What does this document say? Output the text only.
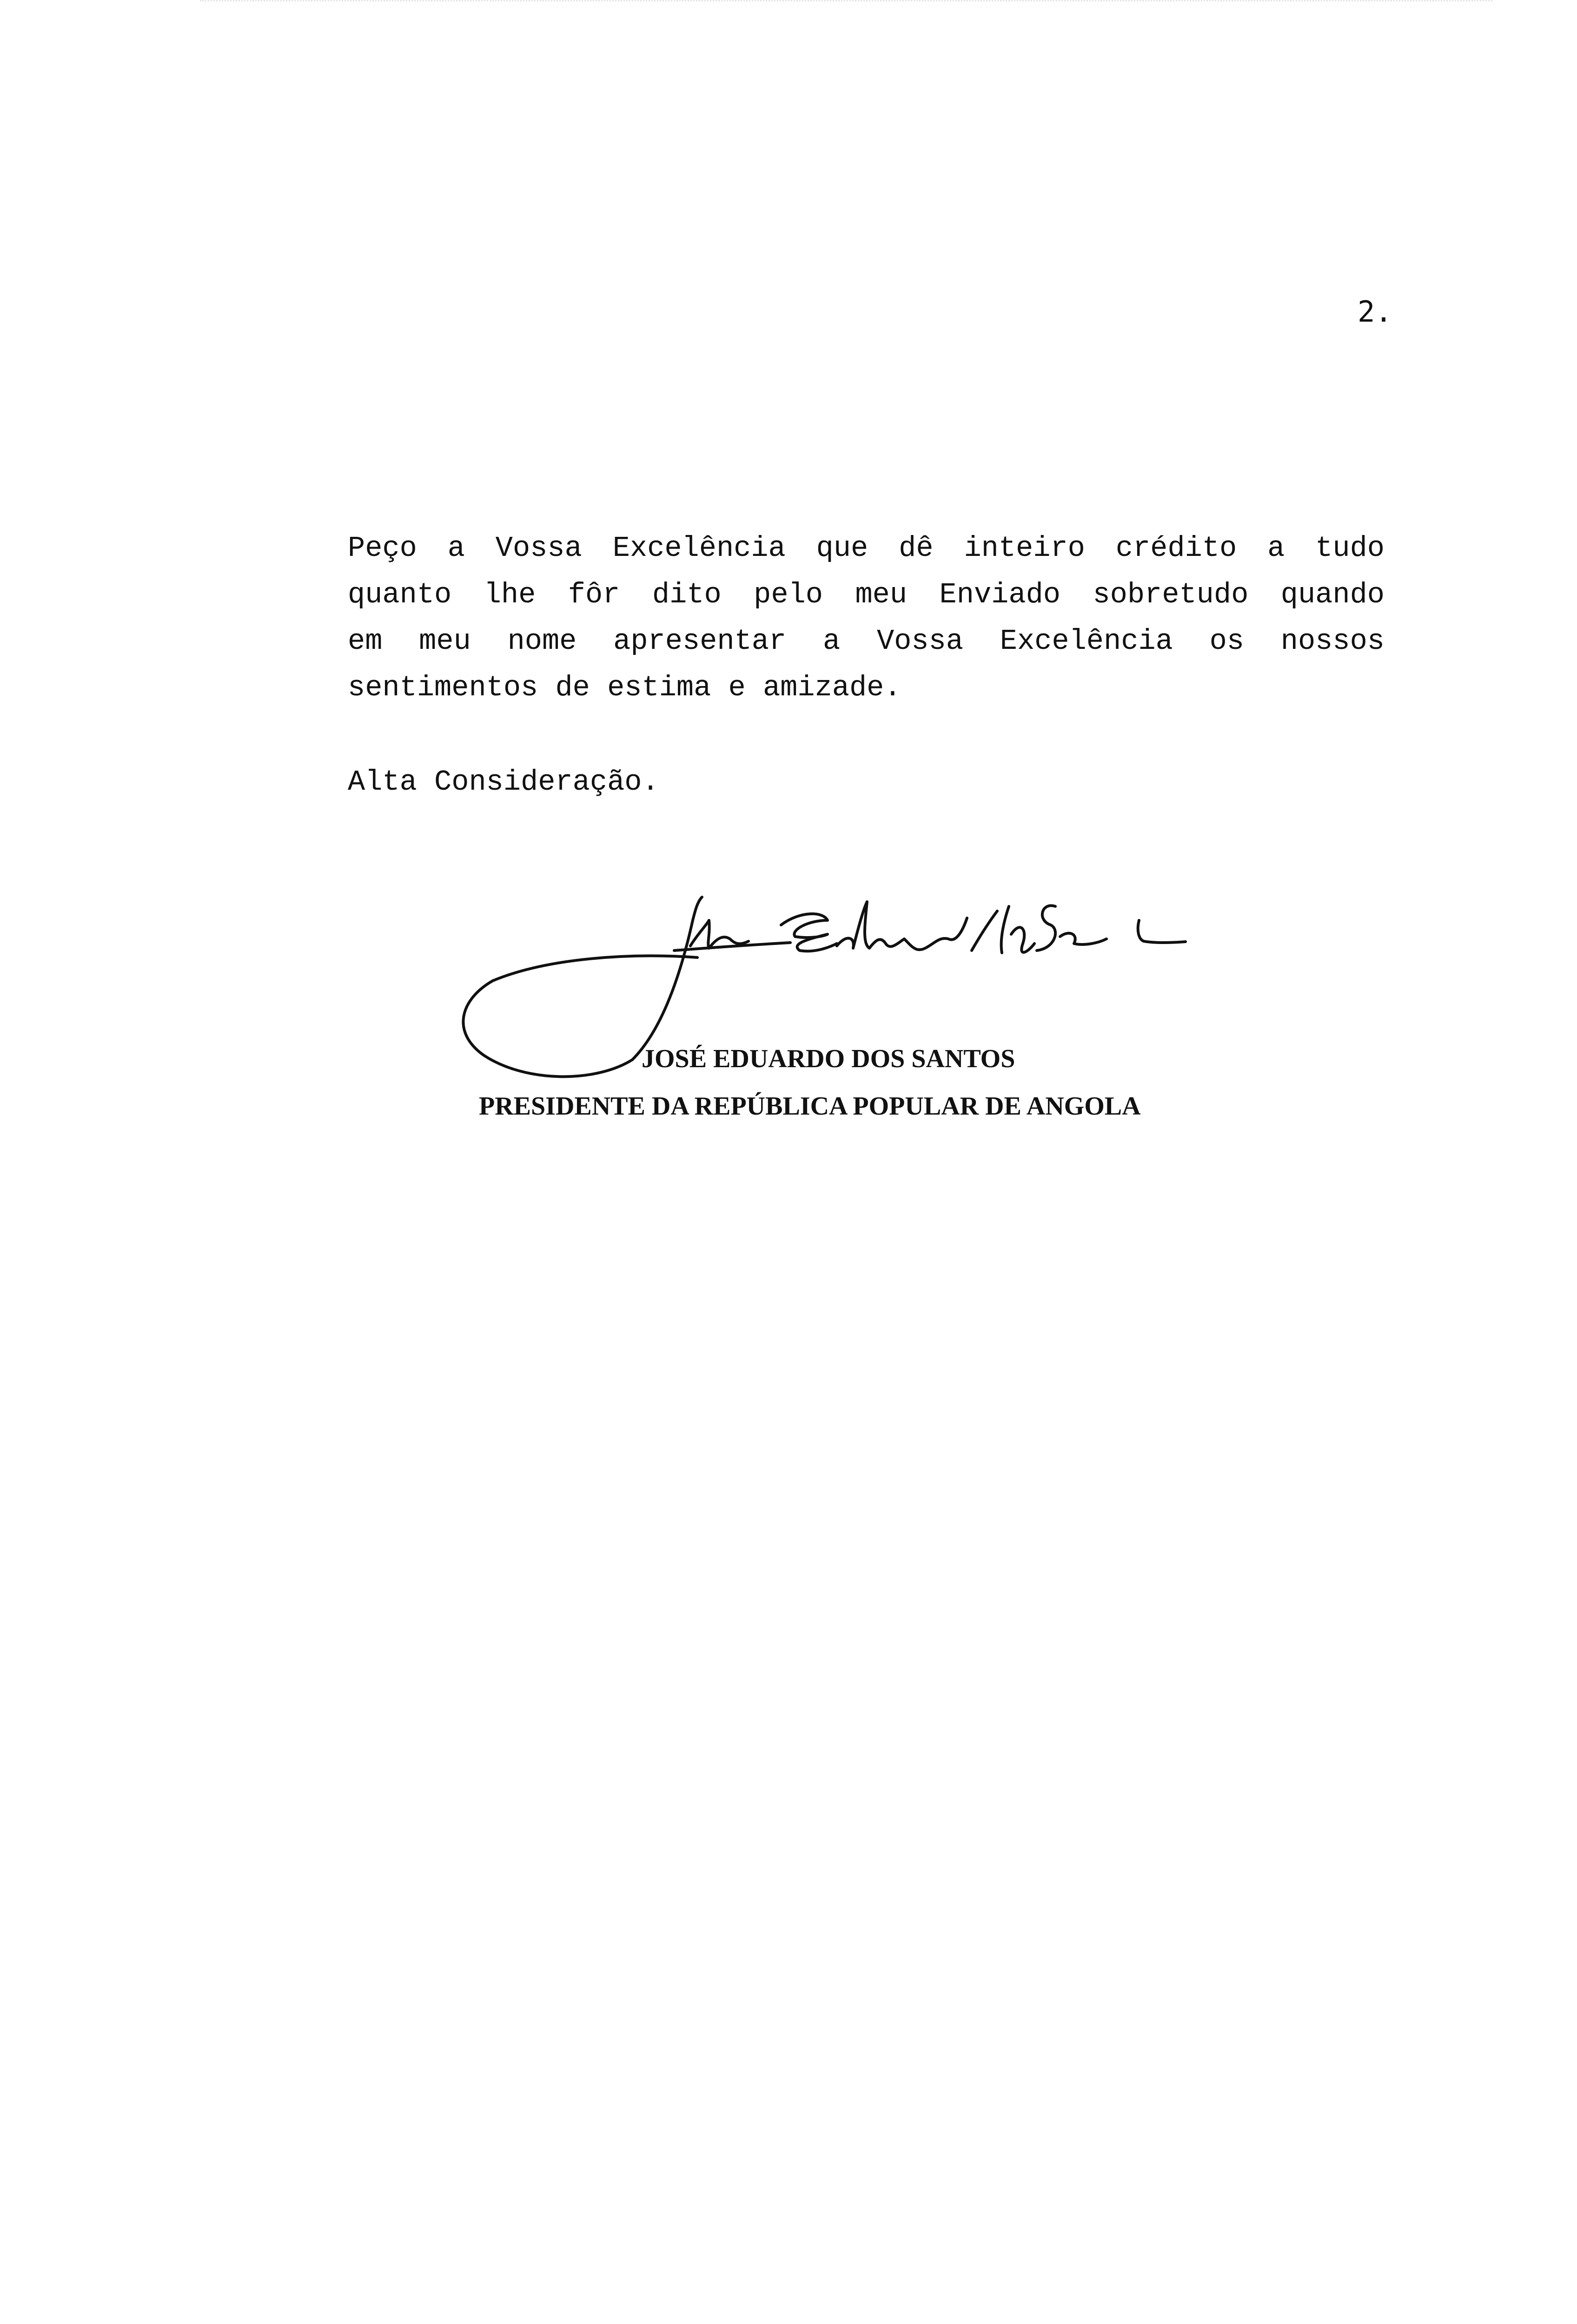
2.
Peço a Vossa Excelência que dê inteiro crédito a tudo
quanto lhe fôr dito pelo meu Enviado sobretudo quando
em meu nome apresentar a Vossa Excelência os nossos
sentimentos de estima e amizade.
Alta Consideração.
JOSÉ EDUARDO DOS SANTOS
PRESIDENTE DA REPÚBLICA POPULAR DE ANGOLA
